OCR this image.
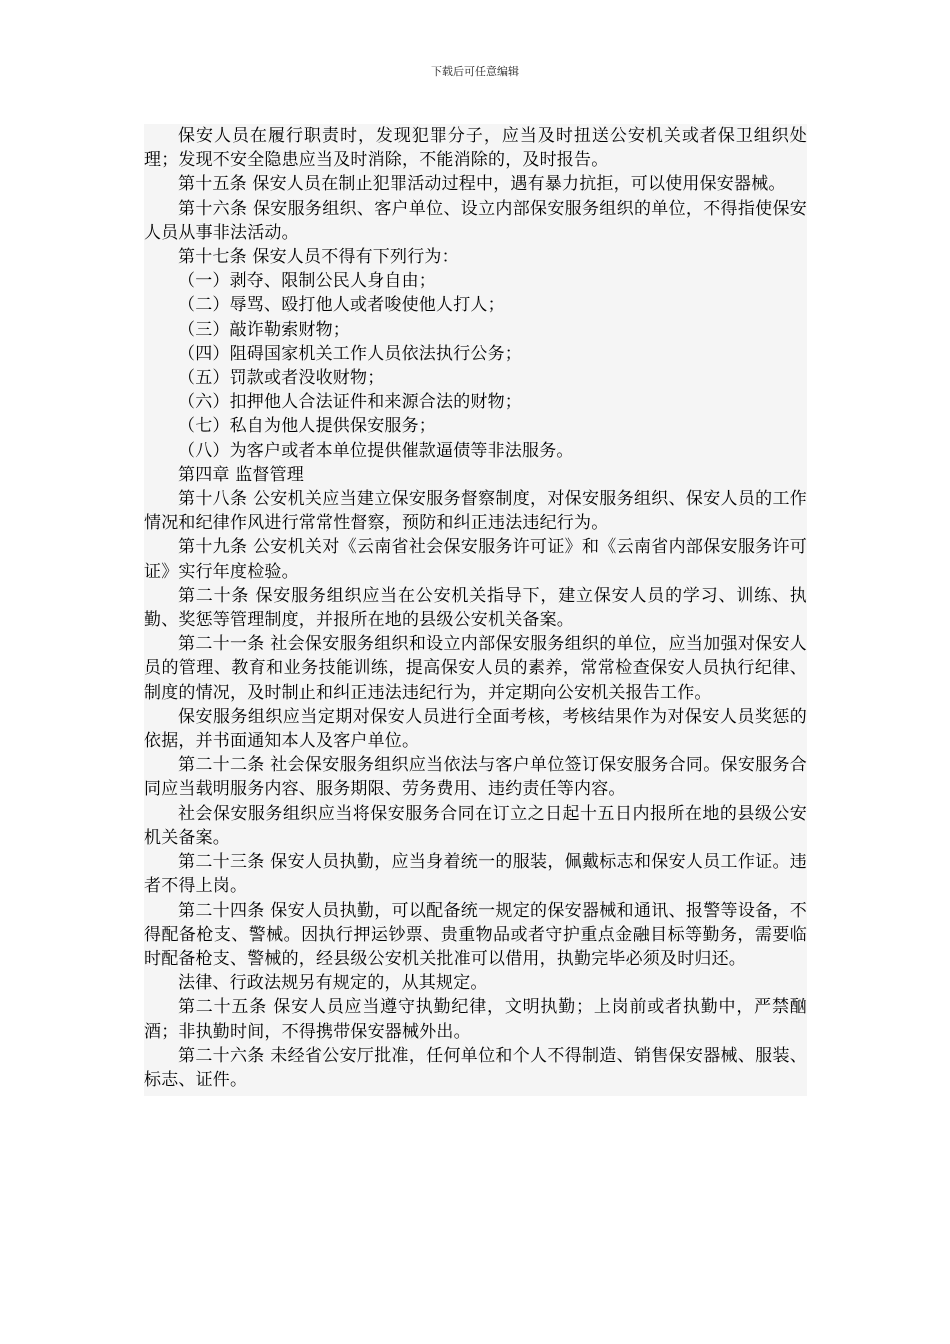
下载后可任意编辑

保安人员在履行职责时，发现犯罪分子，应当及时扭送公安机关或者保卫组织处理；发现不安全隐患应当及时消除，不能消除的，及时报告。

第十五条 保安人员在制止犯罪活动过程中，遇有暴力抗拒，可以使用保安器械。

第十六条 保安服务组织、客户单位、设立内部保安服务组织的单位，不得指使保安人员从事非法活动。

第十七条 保安人员不得有下列行为：

（一）剥夺、限制公民人身自由；

（二）辱骂、殴打他人或者唆使他人打人；

（三）敲诈勒索财物；

（四）阻碍国家机关工作人员依法执行公务；

（五）罚款或者没收财物；

（六）扣押他人合法证件和来源合法的财物；

（七）私自为他人提供保安服务；

（八）为客户或者本单位提供催款逼债等非法服务。

第四章 监督管理

第十八条 公安机关应当建立保安服务督察制度，对保安服务组织、保安人员的工作情况和纪律作风进行常常性督察，预防和纠正违法违纪行为。

第十九条 公安机关对《云南省社会保安服务许可证》和《云南省内部保安服务许可证》实行年度检验。

第二十条 保安服务组织应当在公安机关指导下，建立保安人员的学习、训练、执勤、奖惩等管理制度，并报所在地的县级公安机关备案。

第二十一条 社会保安服务组织和设立内部保安服务组织的单位，应当加强对保安人员的管理、教育和业务技能训练，提高保安人员的素养，常常检查保安人员执行纪律、制度的情况，及时制止和纠正违法违纪行为，并定期向公安机关报告工作。

保安服务组织应当定期对保安人员进行全面考核，考核结果作为对保安人员奖惩的依据，并书面通知本人及客户单位。

第二十二条 社会保安服务组织应当依法与客户单位签订保安服务合同。保安服务合同应当载明服务内容、服务期限、劳务费用、违约责任等内容。

社会保安服务组织应当将保安服务合同在订立之日起十五日内报所在地的县级公安机关备案。

第二十三条 保安人员执勤，应当身着统一的服装，佩戴标志和保安人员工作证。违者不得上岗。

第二十四条 保安人员执勤，可以配备统一规定的保安器械和通讯、报警等设备，不得配备枪支、警械。因执行押运钞票、贵重物品或者守护重点金融目标等勤务，需要临时配备枪支、警械的，经县级公安机关批准可以借用，执勤完毕必须及时归还。

法律、行政法规另有规定的，从其规定。

第二十五条 保安人员应当遵守执勤纪律，文明执勤；上岗前或者执勤中，严禁酗酒；非执勤时间，不得携带保安器械外出。

第二十六条 未经省公安厅批准，任何单位和个人不得制造、销售保安器械、服装、标志、证件。
